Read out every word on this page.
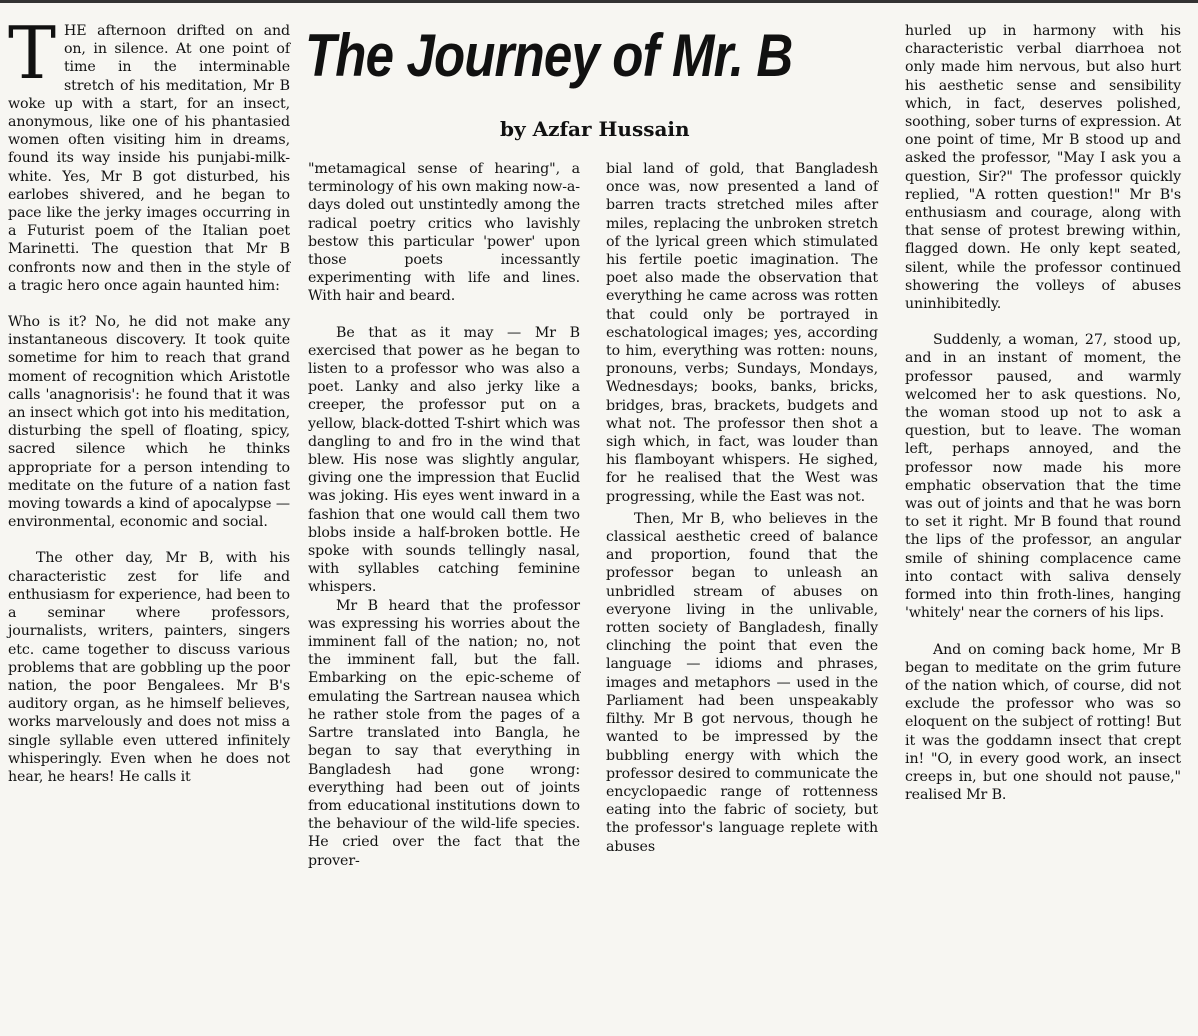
The Journey of Mr. B
by Azfar Hussain

THE afternoon drifted on and on, in silence. At one point of time in the interminable stretch of his meditation, Mr B woke up with a start, for an insect, anonymous, like one of his phantasied women often visiting him in dreams, found its way inside his punjabi-milk-white. Yes, Mr B got disturbed, his earlobes shivered, and he began to pace like the jerky images occurring in a Futurist poem of the Italian poet Marinetti. The question that Mr B confronts now and then in the style of a tragic hero once again haunted him:

Who is it? No, he did not make any instantaneous discovery. It took quite sometime for him to reach that grand moment of recognition which Aristotle calls 'anagnorisis': he found that it was an insect which got into his meditation, disturbing the spell of floating, spicy, sacred silence which he thinks appropriate for a person intending to meditate on the future of a nation fast moving towards a kind of apocalypse — environmental, economic and social.

The other day, Mr B, with his characteristic zest for life and enthusiasm for experience, had been to a seminar where professors, journalists, writers, painters, singers etc. came together to discuss various problems that are gobbling up the poor nation, the poor Bengalees. Mr B's auditory organ, as he himself believes, works marvelously and does not miss a single syllable even uttered infinitely whisperingly. Even when he does not hear, he hears! He calls it

"metamagical sense of hearing", a terminology of his own making now-a-days doled out unstintedly among the radical poetry critics who lavishly bestow this particular 'power' upon those poets incessantly experimenting with life and lines. With hair and beard.

Be that as it may — Mr B exercised that power as he began to listen to a professor who was also a poet. Lanky and also jerky like a creeper, the professor put on a yellow, black-dotted T-shirt which was dangling to and fro in the wind that blew. His nose was slightly angular, giving one the impression that Euclid was joking. His eyes went inward in a fashion that one would call them two blobs inside a half-broken bottle. He spoke with sounds tellingly nasal, with syllables catching feminine whispers.

Mr B heard that the professor was expressing his worries about the imminent fall of the nation; no, not the imminent fall, but the fall. Embarking on the epic-scheme of emulating the Sartrean nausea which he rather stole from the pages of a Sartre translated into Bangla, he began to say that everything in Bangladesh had gone wrong: everything had been out of joints from educational institutions down to the behaviour of the wild-life species. He cried over the fact that the prover-

bial land of gold, that Bangladesh once was, now presented a land of barren tracts stretched miles after miles, replacing the unbroken stretch of the lyrical green which stimulated his fertile poetic imagination. The poet also made the observation that everything he came across was rotten that could only be portrayed in eschatological images; yes, according to him, everything was rotten: nouns, pronouns, verbs; Sundays, Mondays, Wednesdays; books, banks, bricks, bridges, bras, brackets, budgets and what not. The professor then shot a sigh which, in fact, was louder than his flamboyant whispers. He sighed, for he realised that the West was progressing, while the East was not.

Then, Mr B, who believes in the classical aesthetic creed of balance and proportion, found that the professor began to unleash an unbridled stream of abuses on everyone living in the unlivable, rotten society of Bangladesh, finally clinching the point that even the language — idioms and phrases, images and metaphors — used in the Parliament had been unspeakably filthy. Mr B got nervous, though he wanted to be impressed by the bubbling energy with which the professor desired to communicate the encyclopaedic range of rottenness eating into the fabric of society, but the professor's language replete with abuses

hurled up in harmony with his characteristic verbal diarrhoea not only made him nervous, but also hurt his aesthetic sense and sensibility which, in fact, deserves polished, soothing, sober turns of expression. At one point of time, Mr B stood up and asked the professor, "May I ask you a question, Sir?" The professor quickly replied, "A rotten question!" Mr B's enthusiasm and courage, along with that sense of protest brewing within, flagged down. He only kept seated, silent, while the professor continued showering the volleys of abuses uninhibitedly.

Suddenly, a woman, 27, stood up, and in an instant of moment, the professor paused, and warmly welcomed her to ask questions. No, the woman stood up not to ask a question, but to leave. The woman left, perhaps annoyed, and the professor now made his more emphatic observation that the time was out of joints and that he was born to set it right. Mr B found that round the lips of the professor, an angular smile of shining complacence came into contact with saliva densely formed into thin froth-lines, hanging 'whitely' near the corners of his lips.

And on coming back home, Mr B began to meditate on the grim future of the nation which, of course, did not exclude the professor who was so eloquent on the subject of rotting! But it was the goddamn insect that crept in! "O, in every good work, an insect creeps in, but one should not pause," realised Mr B.
